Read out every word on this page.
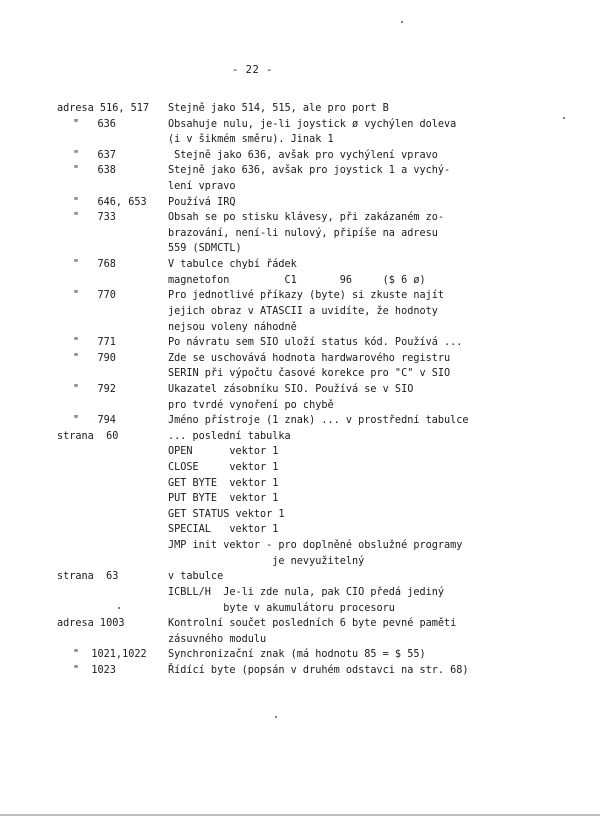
- 22 -
adresa 516, 517 Stejně jako 514, 515, ale pro port B
"   636	Obsahuje nulu, je-li joystick ø vychýlen doleva
(i v šikmém směru). Jinak 1
"   637	Stejně jako 636, avšak pro vychýlení vpravo
"   638	Stejně jako 636, avšak pro joystick 1 a vychý-
lení vpravo
"   646, 653 Používá IRQ
"   733	Obsah se po stisku klávesy, při zakázaném zo-
brazování, není-li nulový, připíše na adresu
559 (SDMCTL)
"   768	V tabulce chybí řádek
magnetofon         C1       96     ($ 6 ø)
"   770	Pro jednotlivé příkazy (byte) si zkuste najít
jejich obraz v ATASCII a uvidíte, že hodnoty
nejsou voleny náhodně
"   771	Po návratu sem SIO uloží status kód. Používá ...
"   790	Zde se uschovává hodnota hardwarového registru
SERIN při výpočtu časové korekce pro "C" v SIO
"   792	Ukazatel zásobníku SIO. Používá se v SIO
pro tvrdé vynoření po chybě
"   794	Jméno přístroje (1 znak) ... v prostřední tabulce
strana  60	... poslední tabulka
OPEN      vektor 1
CLOSE     vektor 1
GET BYTE  vektor 1
PUT BYTE  vektor 1
GET STATUS vektor 1
SPECIAL   vektor 1
JMP init vektor - pro doplněné obslužné programy
je nevyužitelný
strana  63	v tabulce
ICBLL/H  Je-li zde nula, pak CIO předá jediný
byte v akumulátoru procesoru
adresa 1003	Kontrolní součet posledních 6 byte pevné paměti
zásuvného modulu
"  1021,1022 Synchronizační znak (má hodnotu 85 = $ 55)
"  1023	Řídící byte (popsán v druhém odstavci na str. 68)
